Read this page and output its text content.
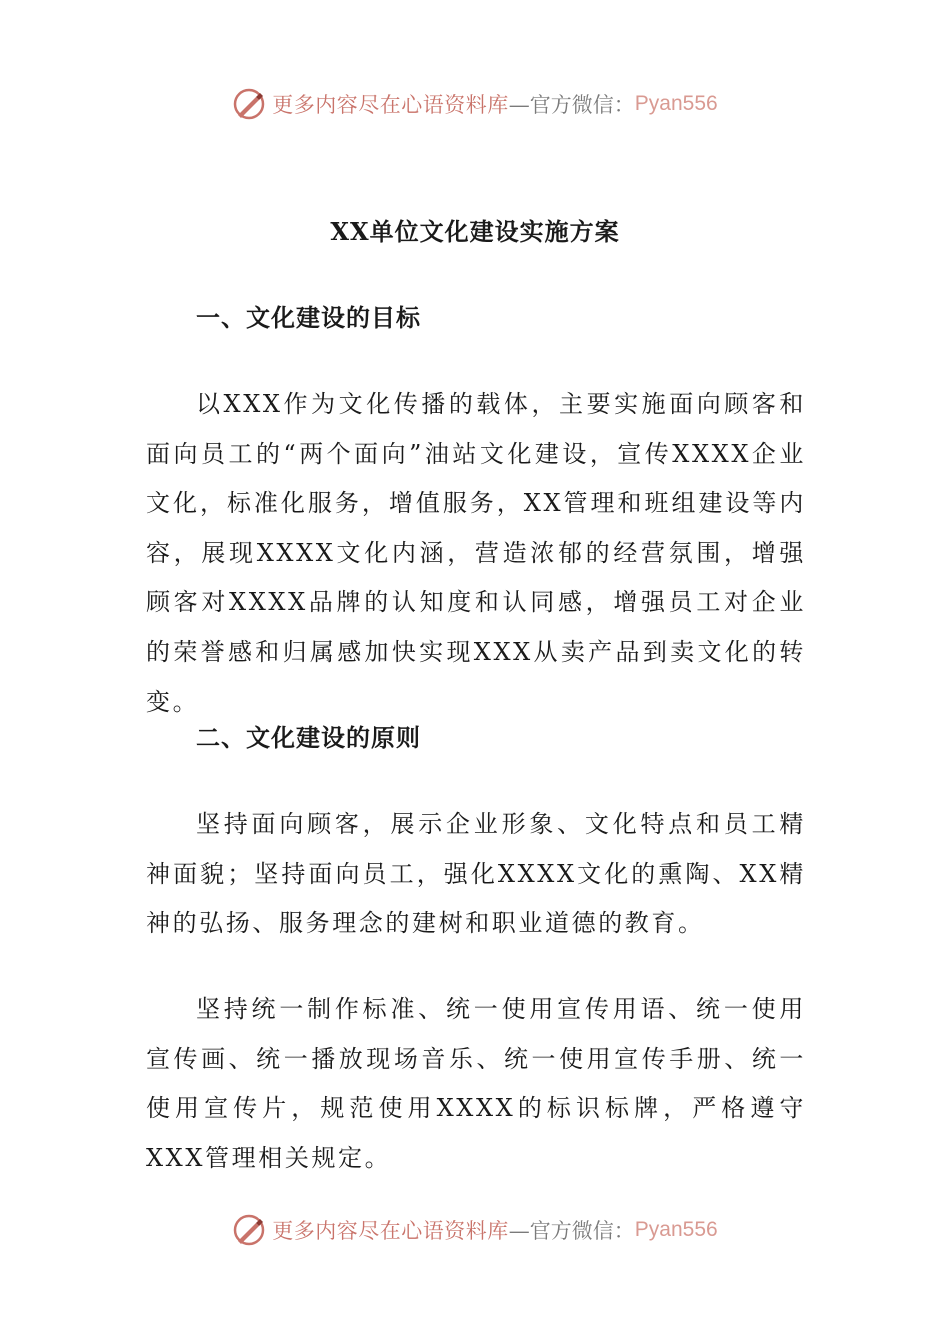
更多内容尽在心语资料库 —官方微信： Pyan556
XX单位文化建设实施方案
一、文化建设的目标

以XXX作为文化传播的载体，主要实施面向顾客和面向员工的“两个面向”油站文化建设，宣传XXXX企业文化，标准化服务，增值服务，XX管理和班组建设等内容，展现XXXX文化内涵，营造浓郁的经营氛围，增强顾客对XXXX品牌的认知度和认同感，增强员工对企业的荣誉感和归属感加快实现XXX从卖产品到卖文化的转变。

二、文化建设的原则

坚持面向顾客，展示企业形象、文化特点和员工精神面貌；坚持面向员工，强化XXXX文化的熏陶、XX精神的弘扬、服务理念的建树和职业道德的教育。

坚持统一制作标准、统一使用宣传用语、统一使用宣传画、统一播放现场音乐、统一使用宣传手册、统一使用宣传片，规范使用XXXX的标识标牌，严格遵守XXX管理相关规定。

更多内容尽在心语资料库 —官方微信： Pyan556
